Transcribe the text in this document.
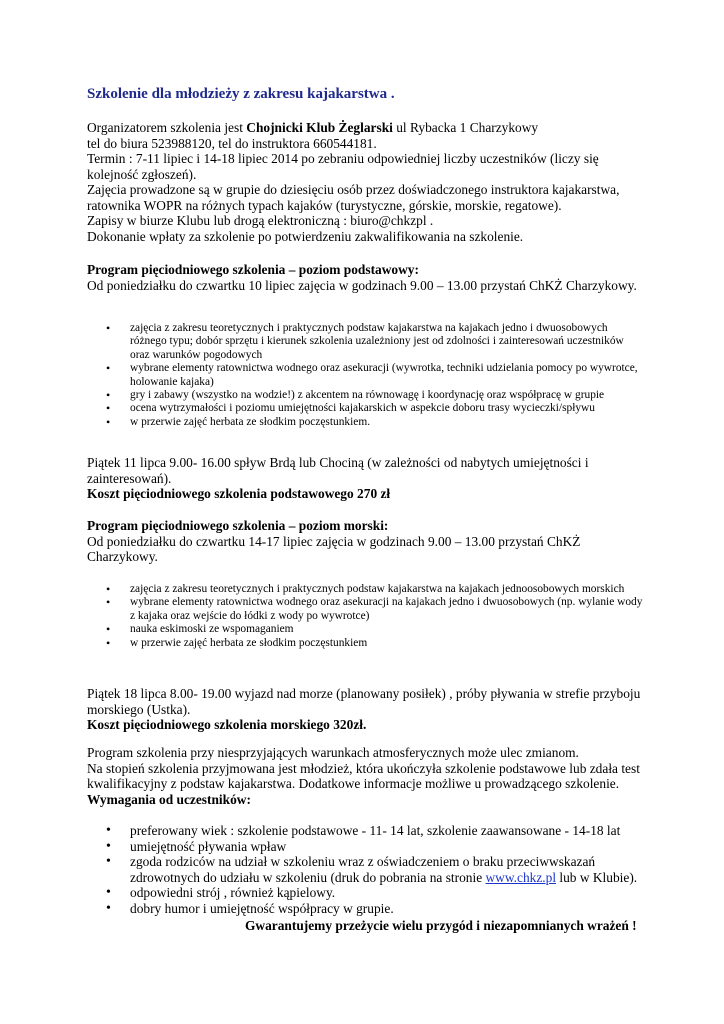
Szkolenie dla młodzieży z zakresu kajakarstwa .

Organizatorem szkolenia jest Chojnicki Klub Żeglarski ul Rybacka 1 Charzykowy

tel do biura 523988120, tel do instruktora 660544181.

Termin : 7-11 lipiec i 14-18 lipiec 2014 po zebraniu odpowiedniej liczby uczestników (liczy się kolejność zgłoszeń).

Zajęcia prowadzone są w grupie do dziesięciu osób przez doświadczonego instruktora kajakarstwa, ratownika WOPR na różnych typach kajaków (turystyczne, górskie, morskie, regatowe).

Zapisy w biurze Klubu lub drogą elektroniczną : biuro@chkzpl .

Dokonanie wpłaty za szkolenie po potwierdzeniu zakwalifikowania na szkolenie.

Program pięciodniowego szkolenia – poziom podstawowy:

Od poniedziałku do czwartku 10 lipiec zajęcia w godzinach 9.00 – 13.00 przystań ChKŻ Charzykowy.

• zajęcia z zakresu teoretycznych i praktycznych podstaw kajakarstwa na kajakach jedno i dwuosobowych różnego typu; dobór sprzętu i kierunek szkolenia uzależniony jest od zdolności i zainteresowań uczestników oraz warunków pogodowych
• wybrane elementy ratownictwa wodnego oraz asekuracji (wywrotka, techniki udzielania pomocy po wywrotce, holowanie kajaka)
• gry i zabawy (wszystko na wodzie!) z akcentem na równowagę i koordynację oraz współpracę w grupie
• ocena wytrzymałości i poziomu umiejętności kajakarskich w aspekcie doboru trasy wycieczki/spływu
• w przerwie zajęć herbata ze słodkim poczęstunkiem.

Piątek 11 lipca 9.00- 16.00 spływ Brdą lub Chociną (w zależności od nabytych umiejętności i zainteresowań).

Koszt pięciodniowego szkolenia podstawowego 270 zł

Program pięciodniowego szkolenia – poziom morski:

Od poniedziałku do czwartku 14-17 lipiec zajęcia w godzinach 9.00 – 13.00 przystań ChKŻ Charzykowy.

• zajęcia z zakresu teoretycznych i praktycznych podstaw kajakarstwa na kajakach jednoosobowych morskich
• wybrane elementy ratownictwa wodnego oraz asekuracji na kajakach jedno i dwuosobowych (np. wylanie wody z kajaka oraz wejście do łódki z wody po wywrotce)
• nauka eskimoski ze wspomaganiem
• w przerwie zajęć herbata ze słodkim poczęstunkiem

Piątek 18 lipca 8.00- 19.00 wyjazd nad morze (planowany posiłek) , próby pływania w strefie przyboju morskiego (Ustka).

Koszt pięciodniowego szkolenia morskiego 320zł.

Program szkolenia przy niesprzyjających warunkach atmosferycznych może ulec zmianom.

Na stopień szkolenia przyjmowana jest młodzież, która ukończyła szkolenie podstawowe lub zdała test kwalifikacyjny z podstaw kajakarstwa. Dodatkowe informacje możliwe u prowadzącego szkolenie.

Wymagania od uczestników:

• preferowany wiek : szkolenie podstawowe - 11- 14 lat, szkolenie zaawansowane - 14-18 lat
• umiejętność pływania wpław
• zgoda rodziców na udział w szkoleniu wraz z oświadczeniem o braku przeciwwskazań zdrowotnych do udziału w szkoleniu (druk do pobrania na stronie www.chkz.pl lub w Klubie).
• odpowiedni strój , również kąpielowy.
• dobry humor i umiejętność współpracy w grupie.
Gwarantujemy przeżycie wielu przygód i niezapomnianych wrażeń !
